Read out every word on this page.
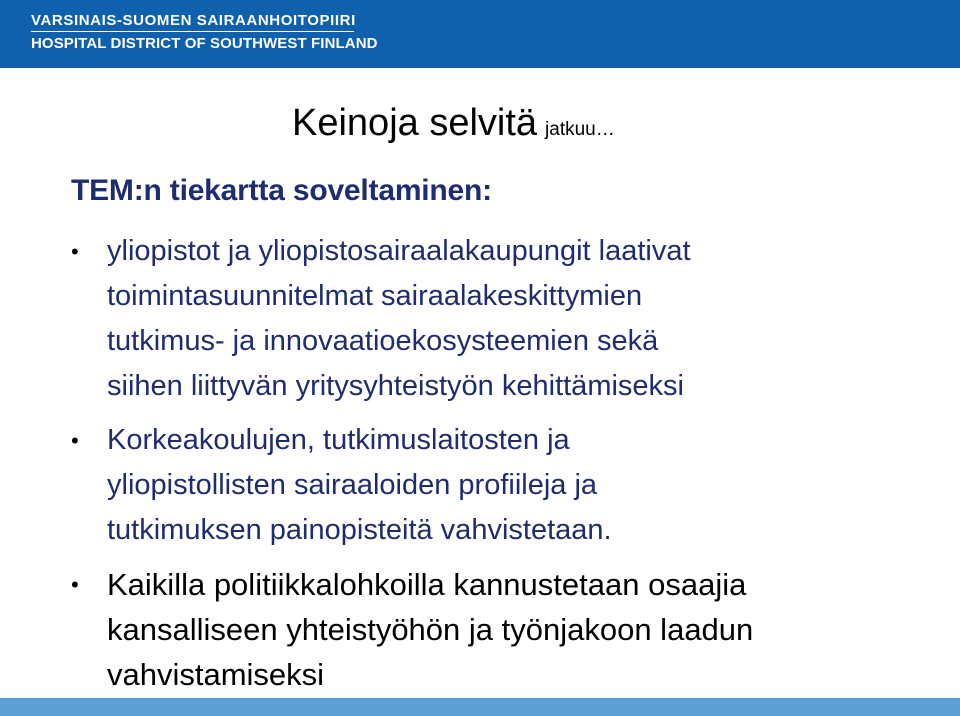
VARSINAIS-SUOMEN SAIRAANHOITOPIIRI
HOSPITAL DISTRICT OF SOUTHWEST FINLAND
Keinoja selvitä jatkuu…
TEM:n tiekartta soveltaminen:
• yliopistot ja yliopistosairaalakaupungit laativat
toimintasuunnitelmat sairaalakeskittymien
tutkimus- ja innovaatioekosysteemien sekä
siihen liittyvän yritysyhteistyön kehittämiseksi
• Korkeakoulujen, tutkimuslaitosten ja
yliopistollisten sairaaloiden profiileja ja
tutkimuksen painopisteitä vahvistetaan.
• Kaikilla politiikkalohkoilla kannustetaan osaajia
kansalliseen yhteistyöhön ja työnjakoon laadun
vahvistamiseksi
